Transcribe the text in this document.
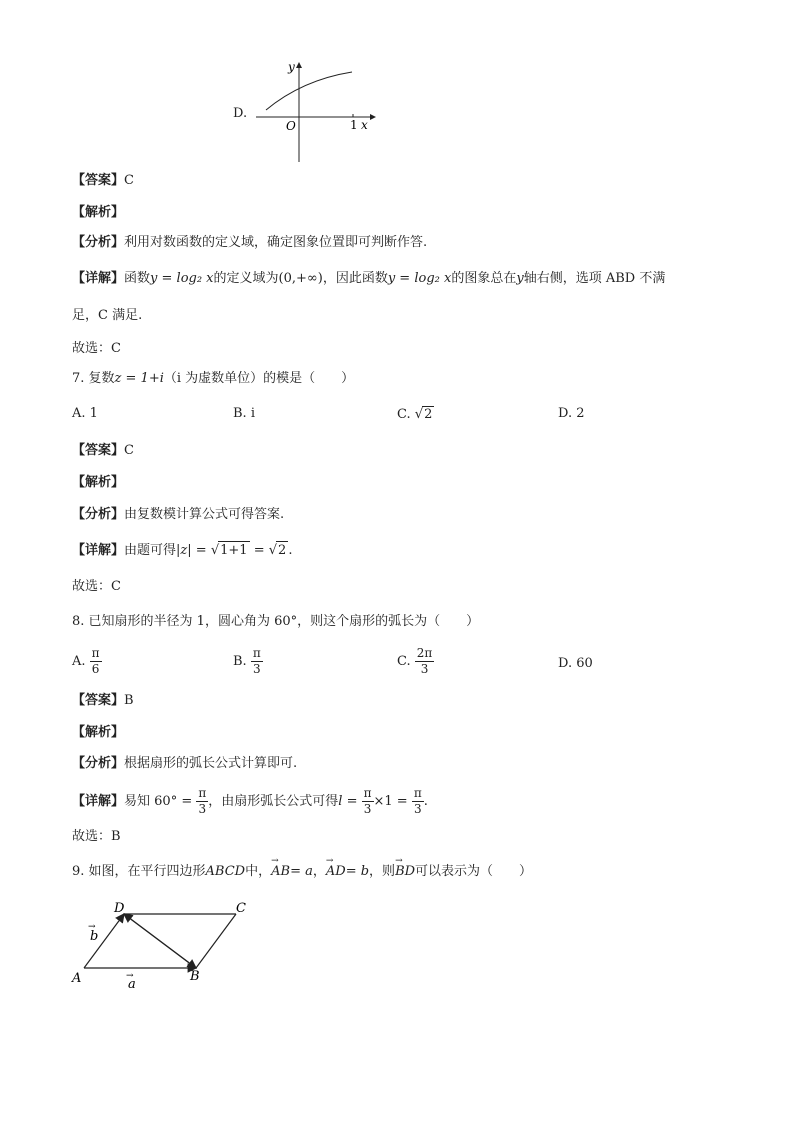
D.
y
O	1 x
【答案】C
【解析】
【分析】利用对数函数的定义域，确定图象位置即可判断作答.
【详解】函数y = log₂ x的定义域为(0,+∞)，因此函数y = log₂ x的图象总在y轴右侧，选项 ABD 不满
足，C 满足.
故选：C
7. 复数z = 1+i（i 为虚数单位）的模是（　　）
A. 1	B. i	C. √2	D. 2
【答案】C
【解析】
【分析】由复数模计算公式可得答案.
【详解】由题可得|z| = √1+1 = √2 .
故选：C
8. 已知扇形的半径为 1，圆心角为 60°，则这个扇形的弧长为（　　）
A. $\frac{\pi}{6}$	B. $\frac{\pi}{3}$	C. $\frac{2\pi}{3}$	D. 60
【答案】B
【解析】
【分析】根据扇形的弧长公式计算即可.
【详解】易知 $60^\circ = \frac{\pi}{3}$ ，由扇形弧长公式可得$l = \frac{\pi}{3} \times 1 = \frac{\pi}{3}$ .
故选：B
9. 如图，在平行四边形ABCD中，→ AB= a，→ AD= b，则→ BD可以表示为（　　）
A	B
C
D
a
b
→
→
